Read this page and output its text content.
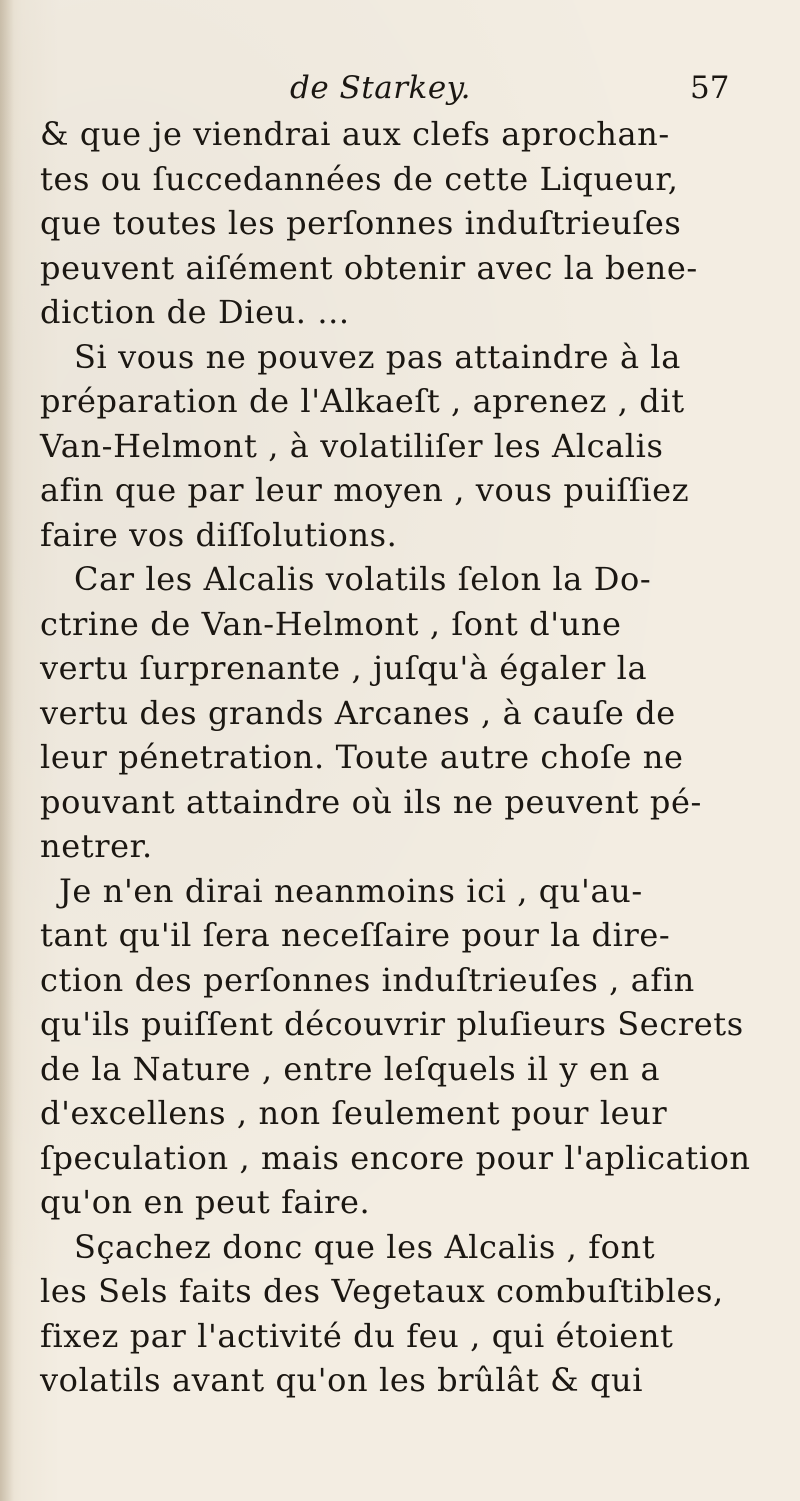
de Starkey.	57
& que je viendrai aux clefs aprochan-
tes ou ſuccedannées de cette Liqueur,
que toutes les perſonnes induſtrieuſes
peuvent aiſément obtenir avec la bene-
diction de Dieu. ...
Si vous ne pouvez pas attaindre à la
préparation de l'Alkaeſt , aprenez , dit
Van-Helmont , à volatiliſer les Alcalis
afin que par leur moyen , vous puiſſiez
faire vos diſſolutions.
Car les Alcalis volatils ſelon la Do-
ctrine de Van-Helmont , ſont d'une
vertu ſurprenante , juſqu'à égaler la
vertu des grands Arcanes , à cauſe de
leur pénetration. Toute autre choſe ne
pouvant attaindre où ils ne peuvent pé-
netrer.
Je n'en dirai neanmoins ici , qu'au-
tant qu'il ſera neceſſaire pour la dire-
ction des perſonnes induſtrieuſes , afin
qu'ils puiſſent découvrir pluſieurs Secrets
de la Nature , entre leſquels il y en a
d'excellens , non ſeulement pour leur
ſpeculation , mais encore pour l'aplication
qu'on en peut faire.
Sçachez donc que les Alcalis , font
les Sels faits des Vegetaux combuſtibles,
fixez par l'activité du feu , qui étoient
volatils avant qu'on les brûlât & qui
